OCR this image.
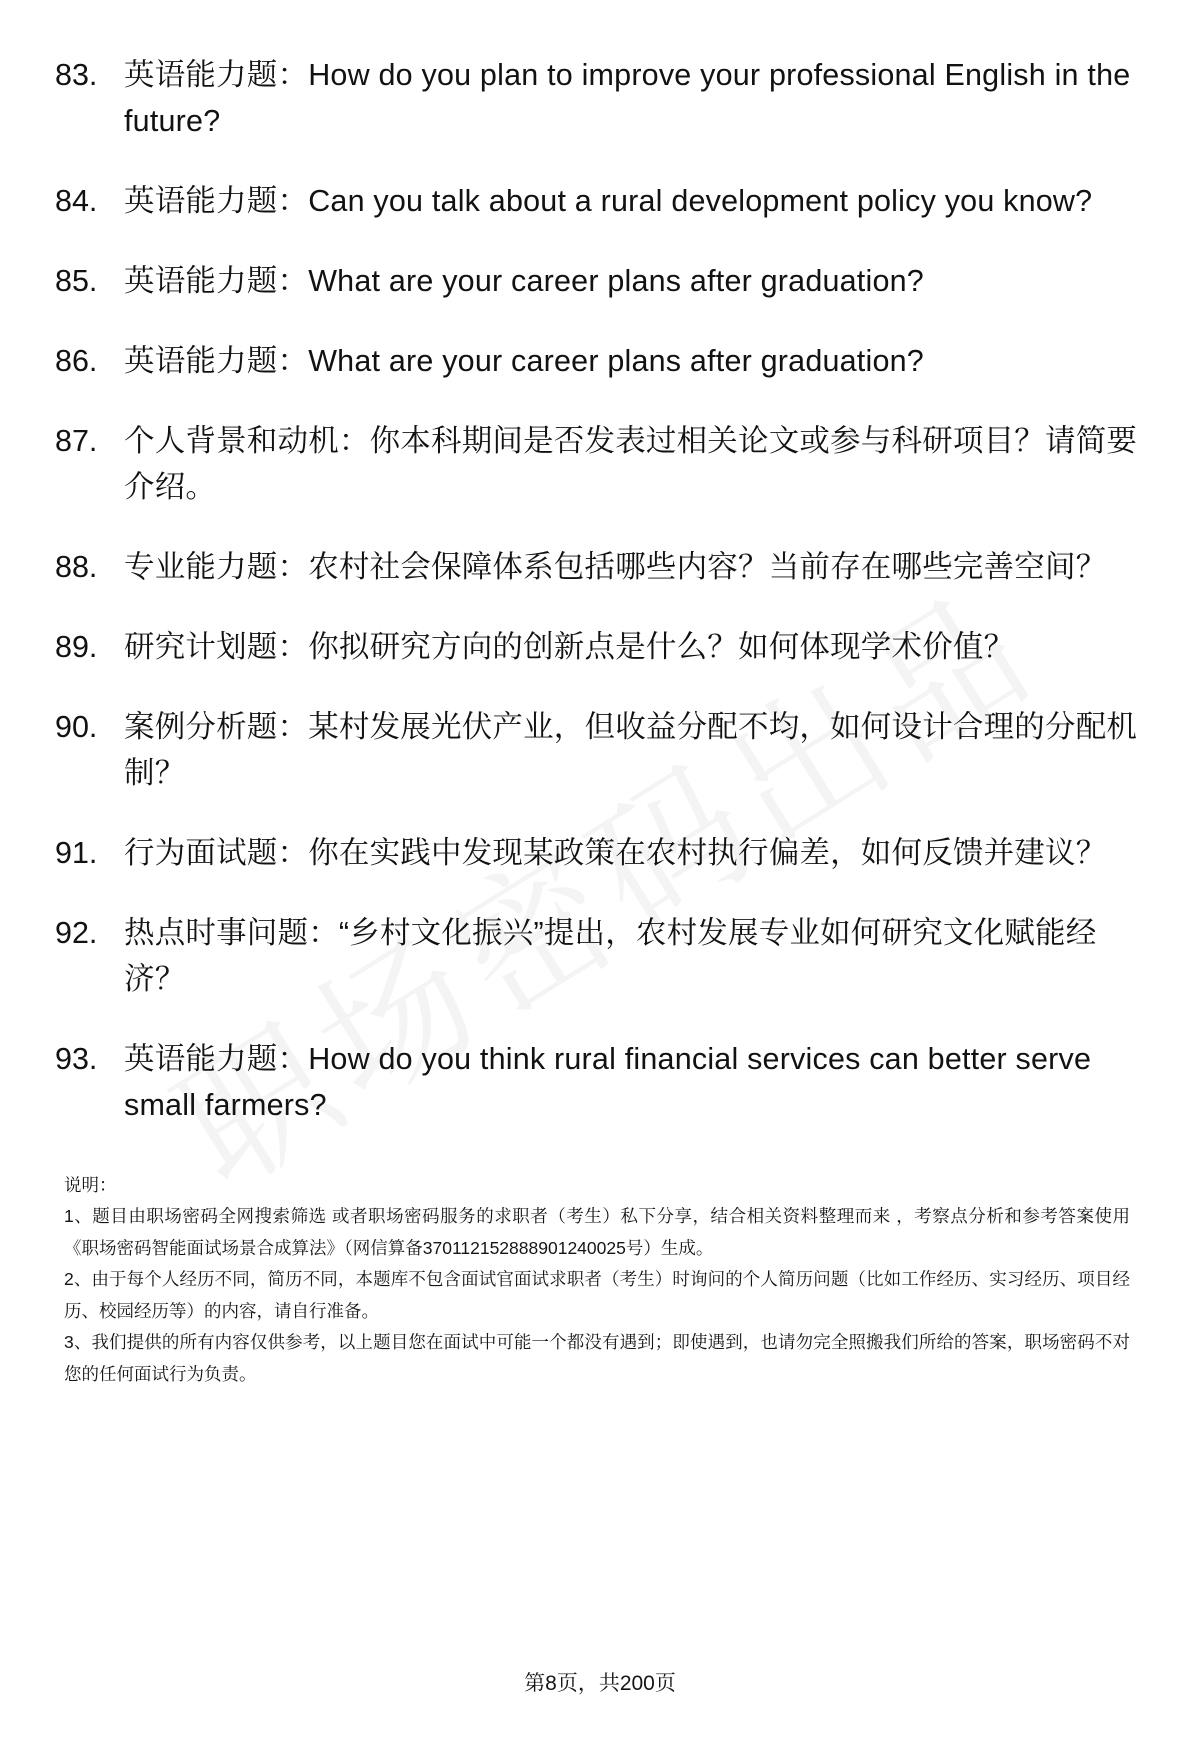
83. 英语能力题：How do you plan to improve your professional English in the future?
84. 英语能力题：Can you talk about a rural development policy you know?
85. 英语能力题：What are your career plans after graduation?
86. 英语能力题：What are your career plans after graduation?
87. 个人背景和动机：你本科期间是否发表过相关论文或参与科研项目？请简要介绍。
88. 专业能力题：农村社会保障体系包括哪些内容？当前存在哪些完善空间？
89. 研究计划题：你拟研究方向的创新点是什么？如何体现学术价值？
90. 案例分析题：某村发展光伏产业，但收益分配不均，如何设计合理的分配机制？
91. 行为面试题：你在实践中发现某政策在农村执行偏差，如何反馈并建议？
92. 热点时事问题：“乡村文化振兴”提出，农村发展专业如何研究文化赋能经济？
93. 英语能力题：How do you think rural financial services can better serve small farmers?
说明：
1、题目由职场密码全网搜索筛选 或者职场密码服务的求职者（考生）私下分享，结合相关资料整理而来 ，考察点分析和参考答案使用《职场密码智能面试场景合成算法》（网信算备370112152888901240025号）生成。
2、由于每个人经历不同，简历不同，本题库不包含面试官面试求职者（考生）时询问的个人简历问题（比如工作经历、实习经历、项目经历、校园经历等）的内容，请自行准备。
3、我们提供的所有内容仅供参考，以上题目您在面试中可能一个都没有遇到；即使遇到，也请勿完全照搬我们所给的答案，职场密码不对您的任何面试行为负责。
第8页，共200页
